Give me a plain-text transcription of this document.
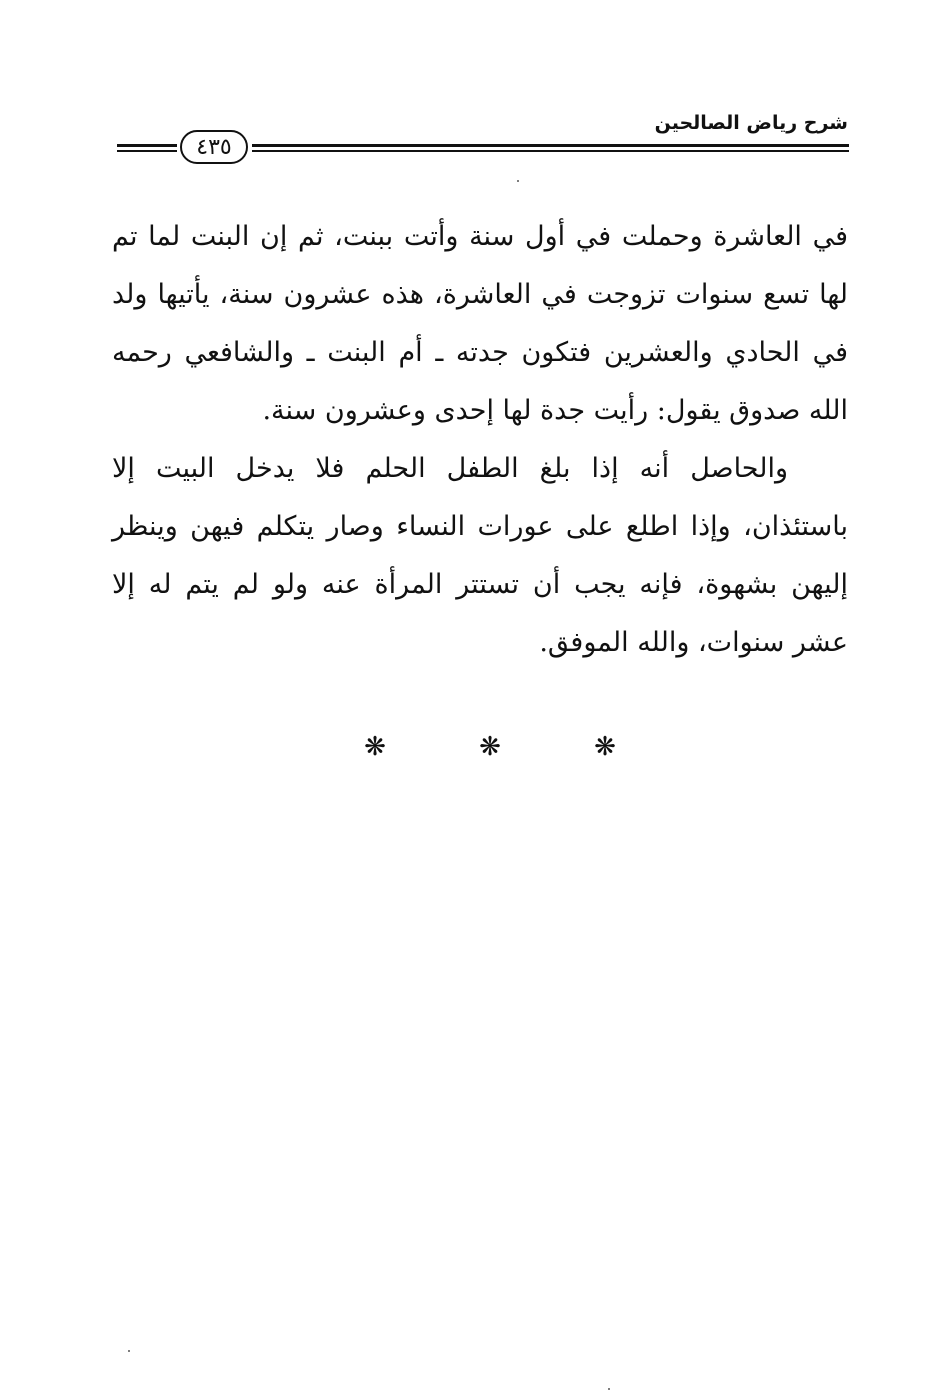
شرح رياض الصالحين
٤٣٥

في العاشرة وحملت في أول سنة وأتت ببنت، ثم إن البنت لما تم لها تسع سنوات تزوجت في العاشرة، هذه عشرون سنة، يأتيها ولد في الحادي والعشرين فتكون جدته ـ أم البنت ـ والشافعي رحمه الله صدوق يقول: رأيت جدة لها إحدى وعشرون سنة.

والحاصل أنه إذا بلغ الطفل الحلم فلا يدخل البيت إلا باستئذان، وإذا اطلع على عورات النساء وصار يتكلم فيهن وينظر إليهن بشهوة، فإنه يجب أن تستتر المرأة عنه ولو لم يتم له إلا عشر سنوات، والله الموفق.

❋	❋	❋
